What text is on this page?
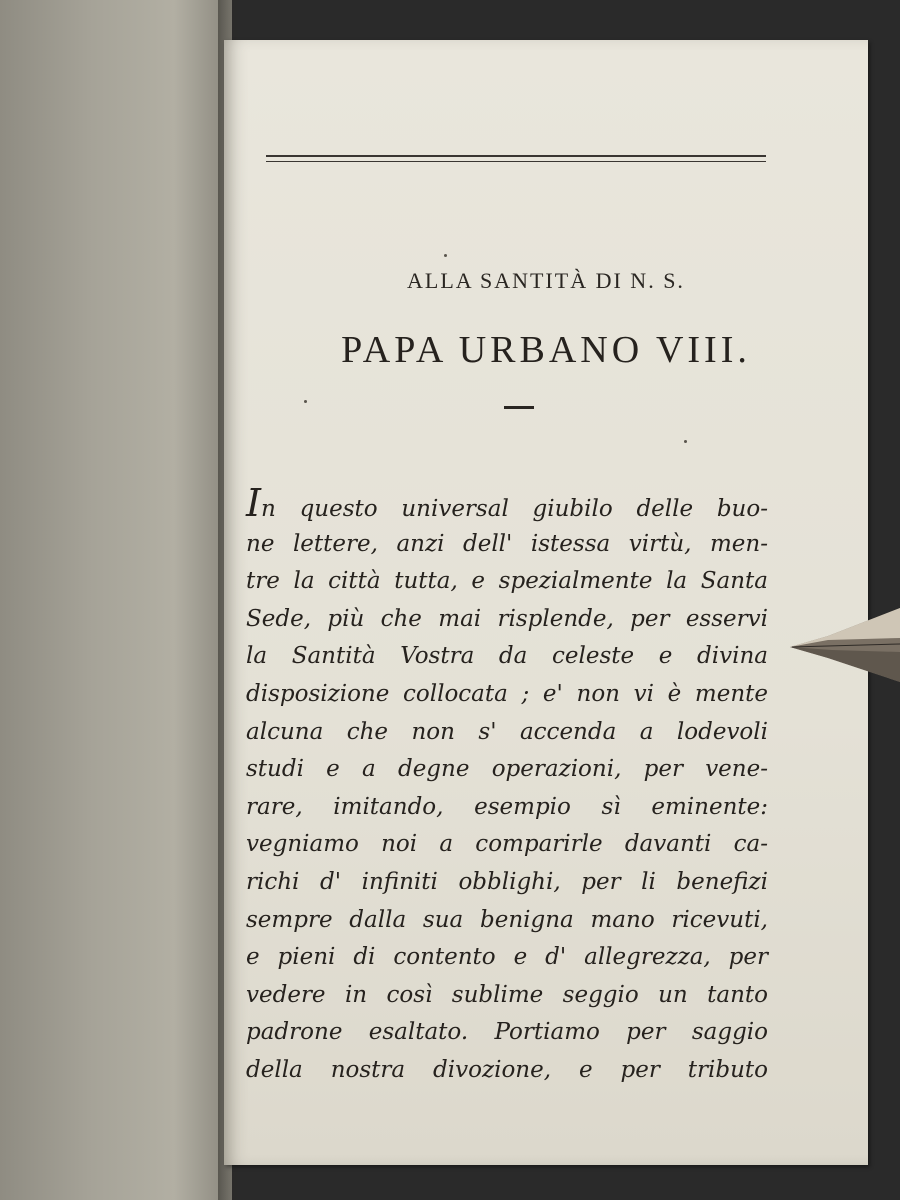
ALLA SANTITÀ DI N. S.
PAPA URBANO VIII.
In questo universal giubilo delle buo-
ne lettere, anzi dell' istessa virtù, men-
tre la città tutta, e spezialmente la Santa
Sede, più che mai risplende, per esservi
la Santità Vostra da celeste e divina
disposizione collocata ; e' non vi è mente
alcuna che non s' accenda a lodevoli
studi e a degne operazioni, per vene-
rare, imitando, esempio sì eminente:
vegniamo noi a comparirle davanti ca-
richi d' infiniti obblighi, per li benefizi
sempre dalla sua benigna mano ricevuti,
e pieni di contento e d' allegrezza, per
vedere in così sublime seggio un tanto
padrone esaltato. Portiamo per saggio
della nostra divozione, e per tributo
